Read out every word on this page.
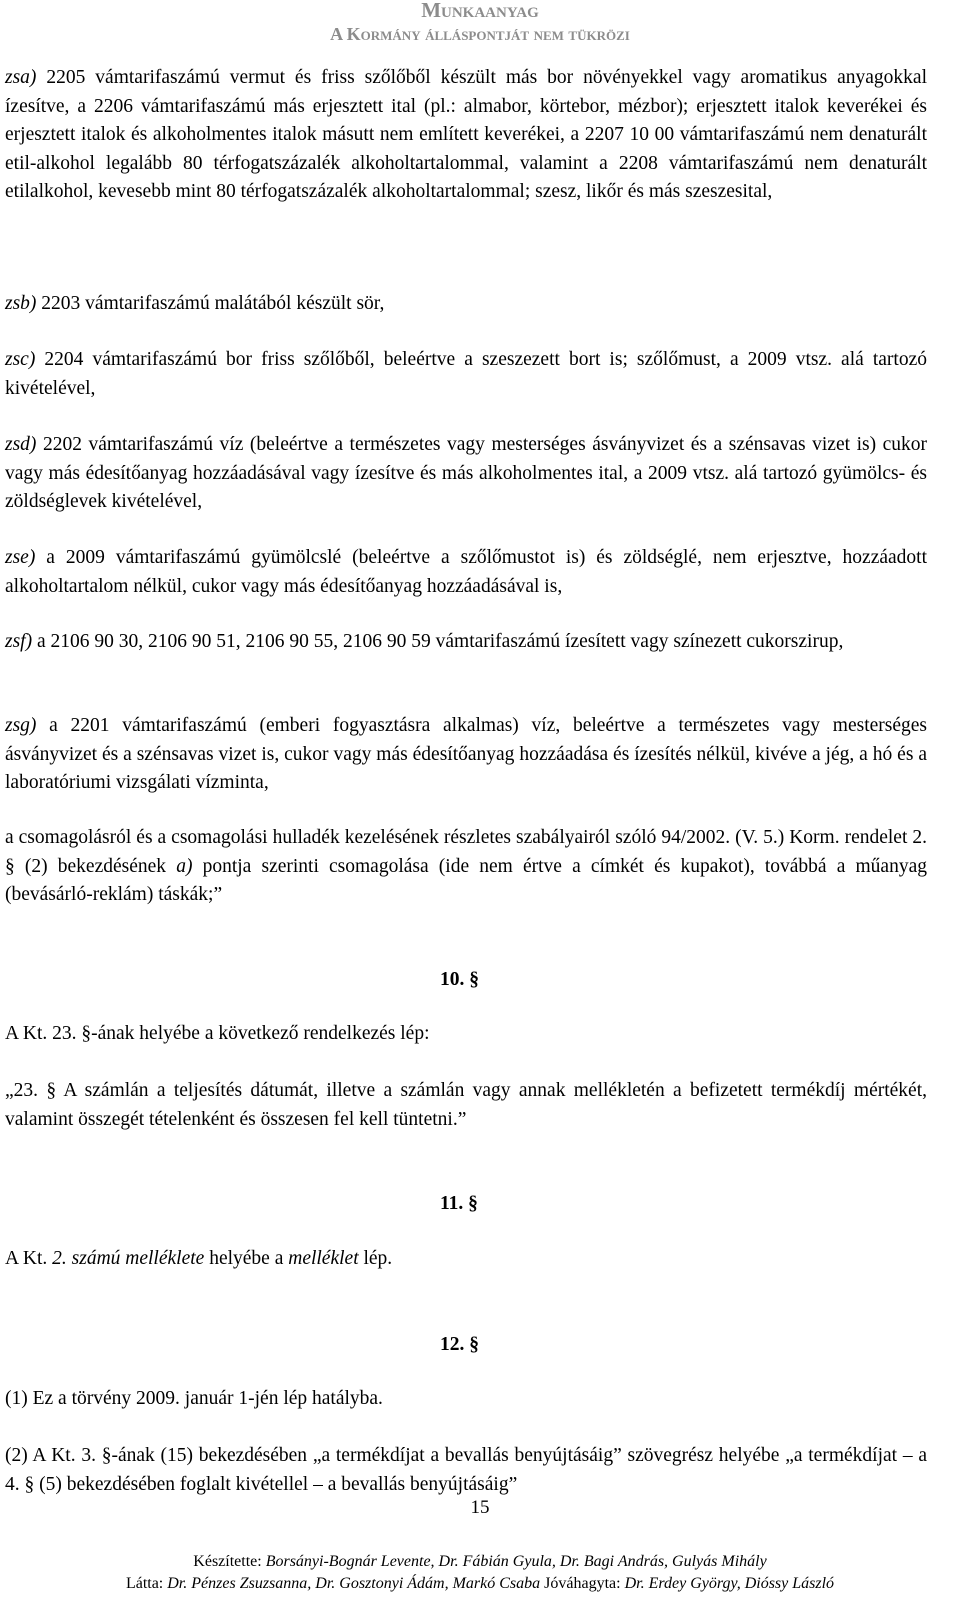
Munkaanyag
A Kormány álláspontját nem tükrözi
zsa) 2205 vámtarifaszámú vermut és friss szőlőből készült más bor növényekkel vagy aromatikus anyagokkal ízesítve, a 2206 vámtarifaszámú más erjesztett ital (pl.: almabor, körtebor, mézbor); erjesztett italok keverékei és erjesztett italok és alkoholmentes italok másutt nem említett keverékei, a 2207 10 00 vámtarifaszámú nem denaturált etil-alkohol legalább 80 térfogatszázalék alkoholtartalommal, valamint a 2208 vámtarifaszámú nem denaturált etilalkohol, kevesebb mint 80 térfogatszázalék alkoholtartalommal; szesz, likőr és más szeszesital,
zsb) 2203 vámtarifaszámú malátából készült sör,
zsc) 2204 vámtarifaszámú bor friss szőlőből, beleértve a szeszezett bort is; szőlőmust, a 2009 vtsz. alá tartozó kivételével,
zsd) 2202 vámtarifaszámú víz (beleértve a természetes vagy mesterséges ásványvizet és a szénsavas vizet is) cukor vagy más édesítőanyag hozzáadásával vagy ízesítve és más alkoholmentes ital, a 2009 vtsz. alá tartozó gyümölcs- és zöldséglevek kivételével,
zse) a 2009 vámtarifaszámú gyümölcslé (beleértve a szőlőmustot is) és zöldséglé, nem erjesztve, hozzáadott alkoholtartalom nélkül, cukor vagy más édesítőanyag hozzáadásával is,
zsf) a 2106 90 30, 2106 90 51, 2106 90 55, 2106 90 59 vámtarifaszámú ízesített vagy színezett cukorszirup,
zsg) a 2201 vámtarifaszámú (emberi fogyasztásra alkalmas) víz, beleértve a természetes vagy mesterséges ásványvizet és a szénsavas vizet is, cukor vagy más édesítőanyag hozzáadása és ízesítés nélkül, kivéve a jég, a hó és a laboratóriumi vizsgálati vízminta,
a csomagolásról és a csomagolási hulladék kezelésének részletes szabályairól szóló 94/2002. (V. 5.) Korm. rendelet 2. § (2) bekezdésének a) pontja szerinti csomagolása (ide nem értve a címkét és kupakot), továbbá a műanyag (bevásárló-reklám) táskák;”
10. §
A Kt. 23. §-ának helyébe a következő rendelkezés lép:
„23. § A számlán a teljesítés dátumát, illetve a számlán vagy annak mellékletén a befizetett termékdíj mértékét, valamint összegét tételenként és összesen fel kell tüntetni.”
11. §
A Kt. 2. számú melléklete helyébe a melléklet lép.
12. §
(1) Ez a törvény 2009. január 1-jén lép hatályba.
(2) A Kt. 3. §-ának (15) bekezdésében „a termékdíjat a bevallás benyújtásáig” szövegrész helyébe „a termékdíjat – a 4. § (5) bekezdésében foglalt kivétellel – a bevallás benyújtásáig”
15
Készítette: Borsányi-Bognár Levente, Dr. Fábián Gyula, Dr. Bagi András, Gulyás Mihály
Látta: Dr. Pénzes Zsuzsanna, Dr. Gosztonyi Ádám, Markó Csaba Jóváhagyta: Dr. Erdey György, Dióssy László
